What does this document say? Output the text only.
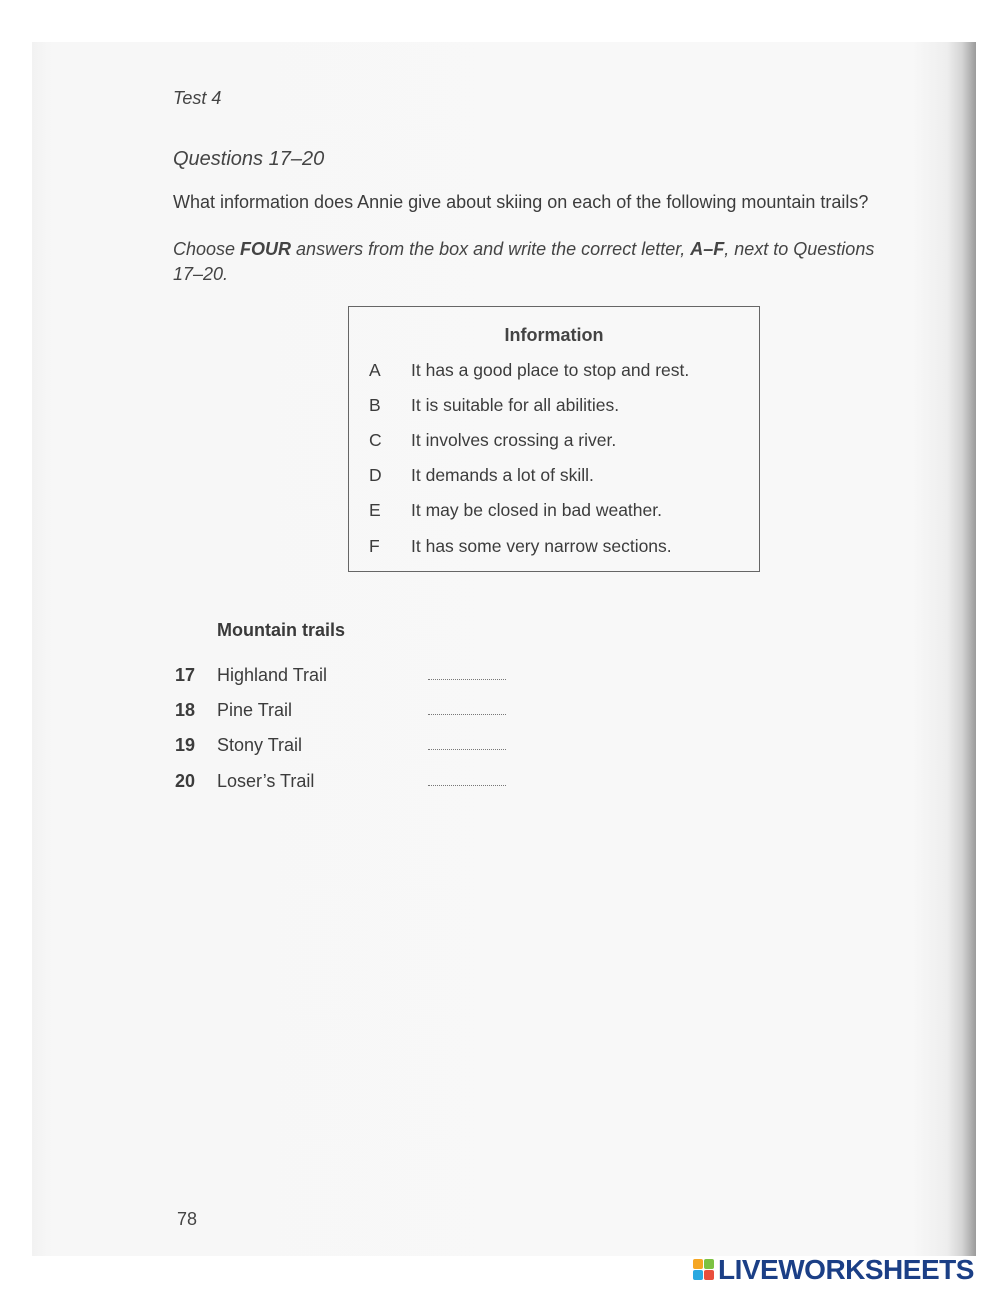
Test 4
Questions 17–20
What information does Annie give about skiing on each of the following mountain trails?
Choose FOUR answers from the box and write the correct letter, A–F, next to Questions 17–20.
Information
A	It has a good place to stop and rest.
B	It is suitable for all abilities.
C	It involves crossing a river.
D	It demands a lot of skill.
E	It may be closed in bad weather.
F	It has some very narrow sections.
Mountain trails
17 Highland Trail
18 Pine Trail
19 Stony Trail
20 Loser’s Trail
78
LIVEWORKSHEETS
